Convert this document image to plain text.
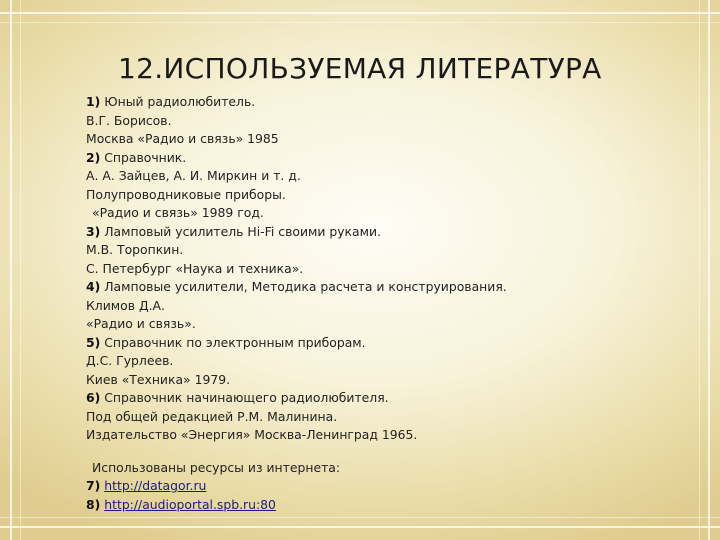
12.ИСПОЛЬЗУЕМАЯ ЛИТЕРАТУРА
1) Юный радиолюбитель.
В.Г. Борисов.
Москва «Радио и связь» 1985
2) Справочник.
А. А. Зайцев, А. И. Миркин и т. д.
Полупроводниковые приборы.
«Радио и связь» 1989 год.
3) Ламповый усилитель Hi-Fi своими руками.
М.В. Торопкин.
С. Петербург «Наука и техника».
4) Ламповые усилители, Методика расчета и конструирования.
Климов Д.А.
«Радио и связь».
5) Справочник по электронным приборам.
Д.С. Гурлеев.
Киев «Техника» 1979.
6) Справочник начинающего радиолюбителя.
Под общей редакцией Р.М. Малинина.
Издательство «Энергия» Москва-Ленинград 1965.
Использованы ресурсы из интернета:
7) http://datagor.ru
8) http://audioportal.spb.ru:80
